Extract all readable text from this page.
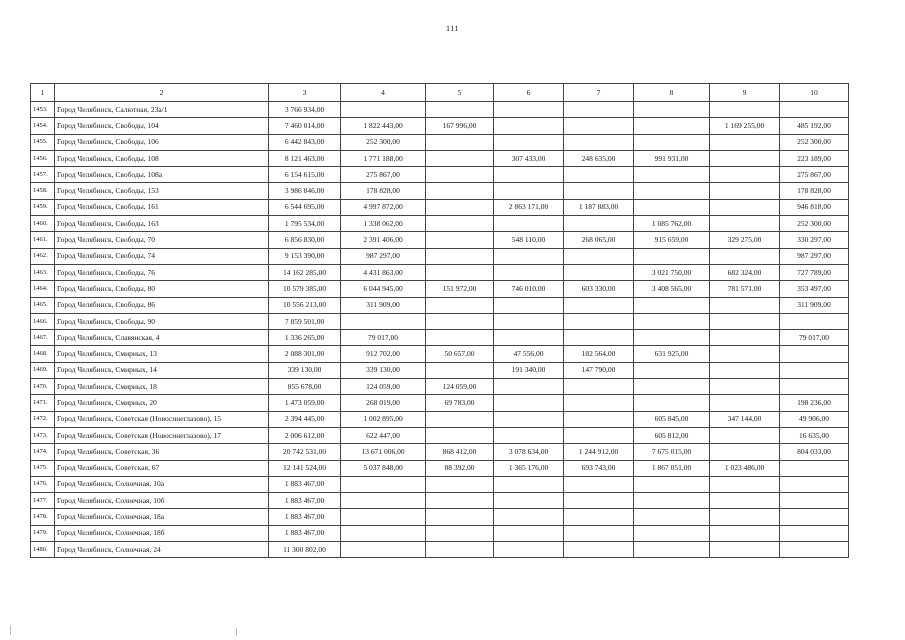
111
1	2	3	4	5	6	7	8	9	10
1453.	Город Челябинск, Салютная, 23а/1	3 766 934,00							
1454.	Город Челябинск, Свободы, 104	7 460 014,00	1 822 443,00	167 996,00				1 169 255,00	485 192,00
1455.	Город Челябинск, Свободы, 106	6 442 843,00	252 300,00						252 300,00
1456.	Город Челябинск, Свободы, 108	8 121 463,00	1 771 188,00		307 433,00	248 635,00	991 931,00		223 189,00
1457.	Город Челябинск, Свободы, 108а	6 154 615,00	275 867,00						275 867,00
1458.	Город Челябинск, Свободы, 153	3 986 846,00	178 828,00						178 828,00
1459.	Город Челябинск, Свободы, 161	6 544 695,00	4 997 872,00		2 863 171,00	1 187 883,00			946 818,00
1460.	Город Челябинск, Свободы, 163	1 795 534,00	1 338 062,00				1 085 762,00		252 300,00
1461.	Город Челябинск, Свободы, 70	6 856 830,00	2 391 406,00		548 110,00	268 065,00	915 659,00	329 275,00	330 297,00
1462.	Город Челябинск, Свободы, 74	9 153 390,00	987 297,00						987 297,00
1463.	Город Челябинск, Свободы, 76	14 162 285,00	4 431 863,00				3 021 750,00	682 324,00	727 789,00
1464.	Город Челябинск, Свободы, 80	10 579 385,00	6 044 945,00	151 972,00	746 010,00	603 330,00	3 408 565,00	781 571,00	353 497,00
1465.	Город Челябинск, Свободы, 86	10 556 213,00	311 909,00						311 909,00
1466.	Город Челябинск, Свободы, 90	7 859 501,00							
1467.	Город Челябинск, Славянская, 4	1 336 265,00	79 017,00						79 017,00
1468.	Город Челябинск, Смирных, 13	2 088 301,00	912 702,00	50 657,00	47 556,00	182 564,00	631 925,00		
1469.	Город Челябинск, Смирных, 14	339 130,00	339 130,00		191 340,00	147 790,00			
1470.	Город Челябинск, Смирных, 18	855 678,00	124 059,00	124 059,00					
1471.	Город Челябинск, Смирных, 20	1 473 059,00	268 019,00	69 783,00					198 236,00
1472.	Город Челябинск, Советская (Новосинеглазово), 15	2 394 445,00	1 002 895,00				605 845,00	347 144,00	49 906,00
1473.	Город Челябинск, Советская (Новосинеглазово), 17	2 006 612,00	622 447,00				605 812,00		16 635,00
1474.	Город Челябинск, Советская, 36	20 742 531,00	13 671 006,00	868 412,00	3 078 634,00	1 244 912,00	7 675 015,00		804 033,00
1475.	Город Челябинск, Советская, 67	12 141 524,00	5 037 848,00	88 392,00	1 365 176,00	693 743,00	1 867 051,00	1 023 486,00	
1476.	Город Челябинск, Солнечная, 10а	1 883 467,00							
1477.	Город Челябинск, Солнечная, 10б	1 883 467,00							
1478.	Город Челябинск, Солнечная, 18а	1 883 467,00							
1479.	Город Челябинск, Солнечная, 18б	1 883 467,00							
1480.	Город Челябинск, Солнечная, 24	11 300 802,00							
